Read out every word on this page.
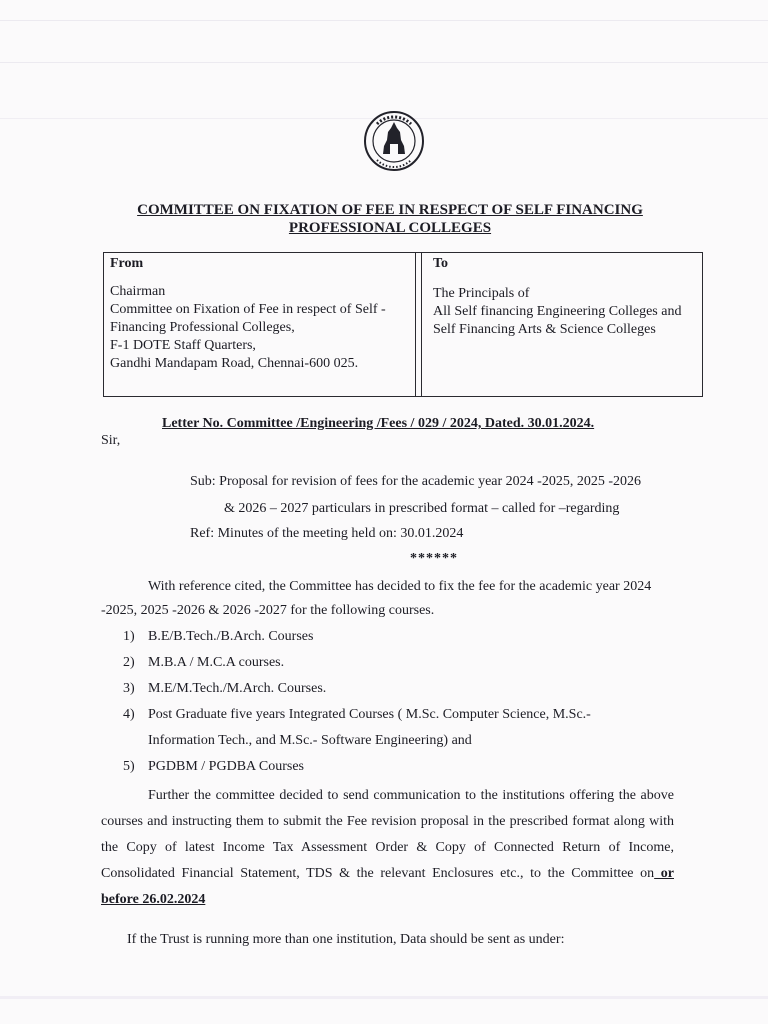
COMMITTEE ON FIXATION OF FEE IN RESPECT OF SELF FINANCING
PROFESSIONAL COLLEGES
From
Chairman
Committee on Fixation of Fee in respect of Self -
Financing Professional Colleges,
F-1 DOTE Staff Quarters,
Gandhi Mandapam Road, Chennai-600 025.
To
The Principals of
All Self financing Engineering Colleges and
Self Financing Arts & Science Colleges
Letter No. Committee /Engineering /Fees / 029 / 2024, Dated. 30.01.2024.
Sir,
Sub: Proposal for revision of fees for the academic year 2024 -2025, 2025 -2026
& 2026 – 2027 particulars in prescribed format – called for –regarding
Ref: Minutes of the meeting held on: 30.01.2024
******
With reference cited, the Committee has decided to fix the fee for the academic year 2024
-2025, 2025 -2026 & 2026 -2027 for the following courses.
1) B.E/B.Tech./B.Arch. Courses
2) M.B.A / M.C.A courses.
3) M.E/M.Tech./M.Arch. Courses.
4) Post Graduate five years Integrated Courses ( M.Sc. Computer Science, M.Sc.-
Information Tech., and M.Sc.- Software Engineering) and
5) PGDBM / PGDBA Courses
Further the committee decided to send communication to the institutions offering the above courses and instructing them to submit the Fee revision proposal in the prescribed format along with the Copy of latest Income Tax Assessment Order & Copy of Connected Return of Income, Consolidated Financial Statement, TDS & the relevant Enclosures etc., to the Committee on or before 26.02.2024
If the Trust is running more than one institution, Data should be sent as under:
